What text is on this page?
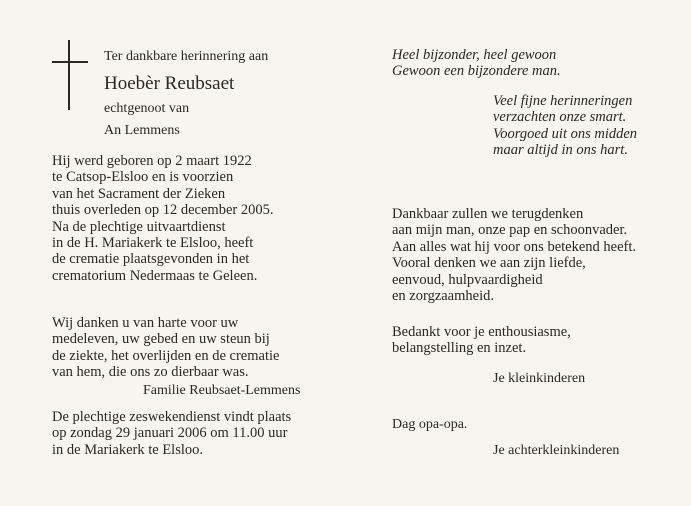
Ter dankbare herinnering aan
Hoebèr Reubsaet
echtgenoot van
An Lemmens
Hij werd geboren op 2 maart 1922
te Catsop-Elsloo en is voorzien
van het Sacrament der Zieken
thuis overleden op 12 december 2005.
Na de plechtige uitvaartdienst
in de H. Mariakerk te Elsloo, heeft
de crematie plaatsgevonden in het
crematorium Nedermaas te Geleen.
Wij danken u van harte voor uw
medeleven, uw gebed en uw steun bij
de ziekte, het overlijden en de crematie
van hem, die ons zo dierbaar was.
Familie Reubsaet-Lemmens
De plechtige zeswekendienst vindt plaats
op zondag 29 januari 2006 om 11.00 uur
in de Mariakerk te Elsloo.
Heel bijzonder, heel gewoon
Gewoon een bijzondere man.
Veel fijne herinneringen
verzachten onze smart.
Voorgoed uit ons midden
maar altijd in ons hart.
Dankbaar zullen we terugdenken
aan mijn man, onze pap en schoonvader.
Aan alles wat hij voor ons betekend heeft.
Vooral denken we aan zijn liefde,
eenvoud, hulpvaardigheid
en zorgzaamheid.
Bedankt voor je enthousiasme,
belangstelling en inzet.
Je kleinkinderen
Dag opa-opa.
Je achterkleinkinderen
